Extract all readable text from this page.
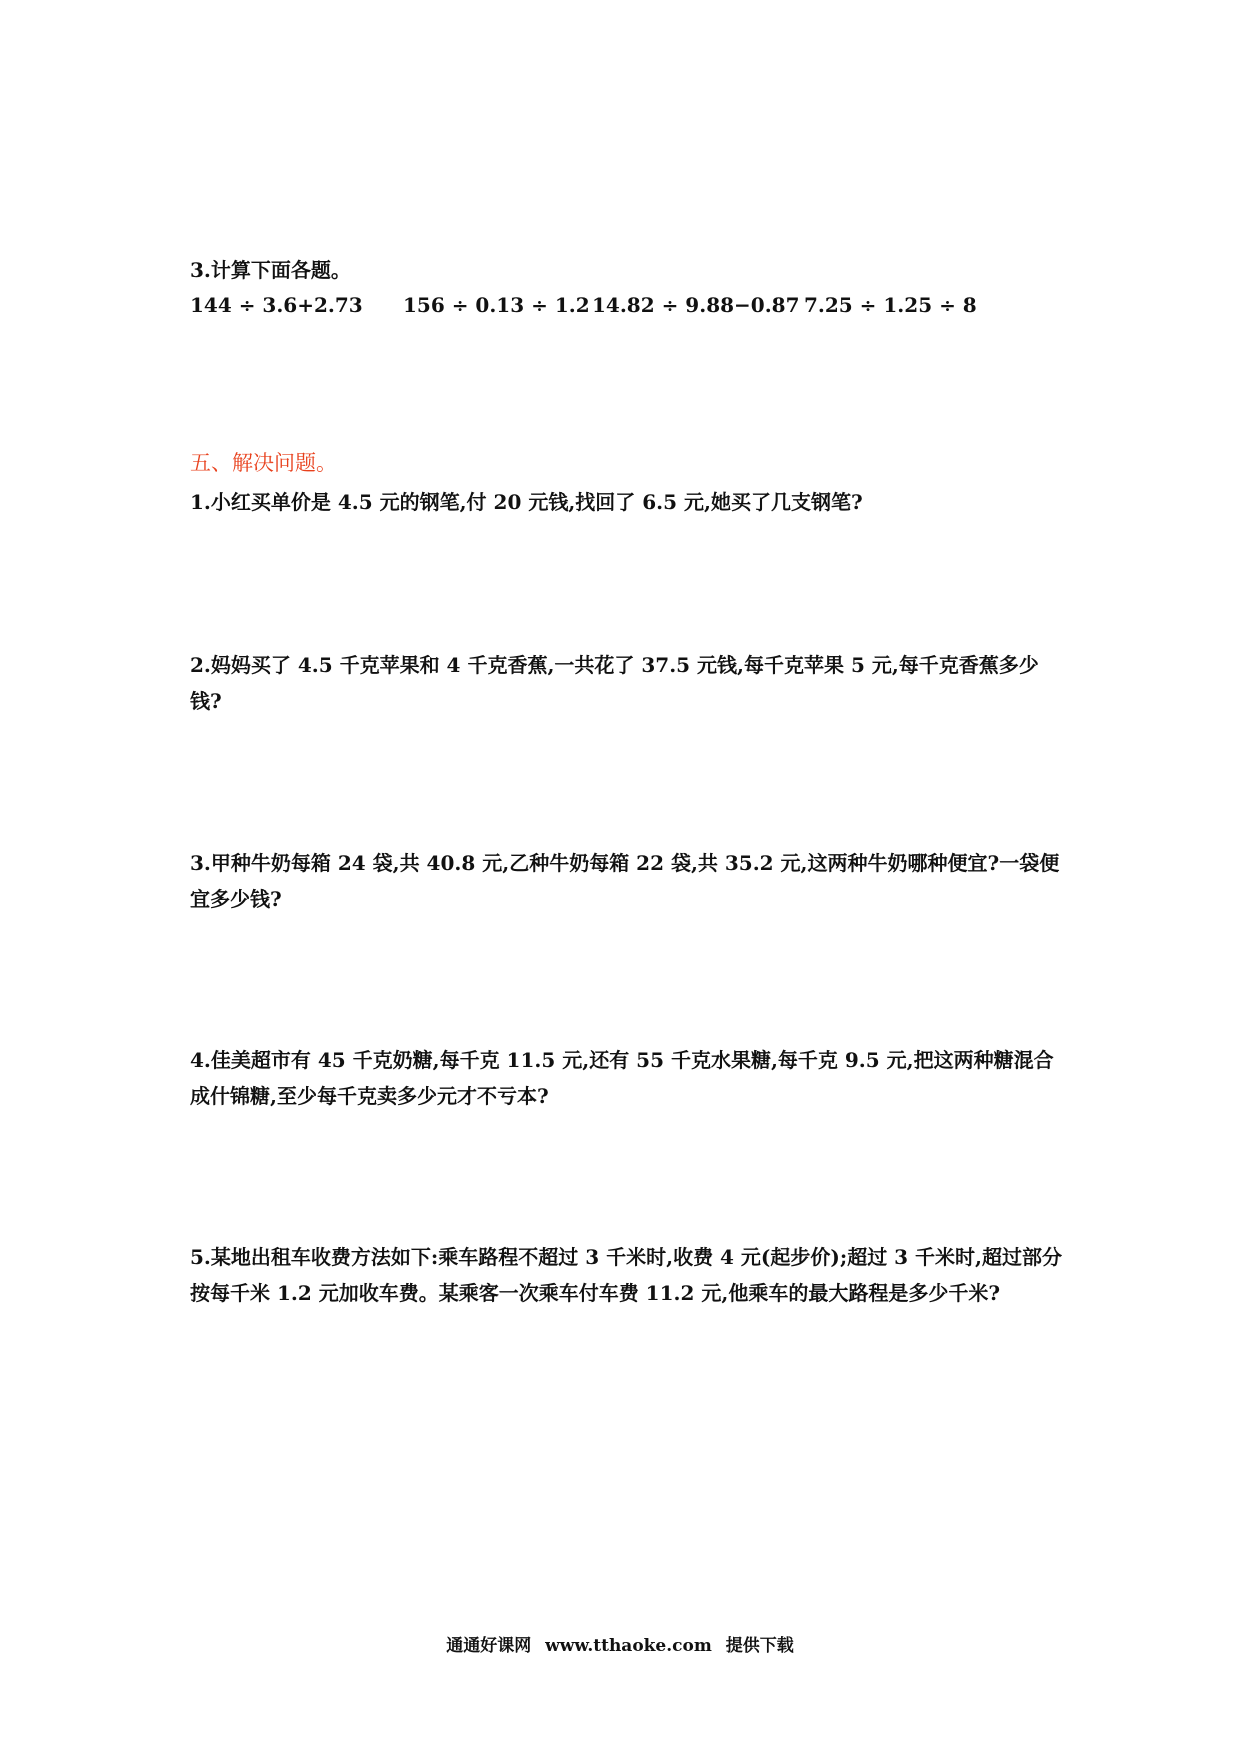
3.计算下面各题。

144 ÷ 3.6+2.73 156 ÷ 0.13 ÷ 1.2 14.82 ÷ 9.88−0.87 7.25 ÷ 1.25 ÷ 8
五、解决问题。

1.小红买单价是 4.5 元的钢笔,付 20 元钱,找回了 6.5 元,她买了几支钢笔?

2.妈妈买了 4.5 千克苹果和 4 千克香蕉,一共花了 37.5 元钱,每千克苹果 5 元,每千克香蕉多少钱?

3.甲种牛奶每箱 24 袋,共 40.8 元,乙种牛奶每箱 22 袋,共 35.2 元,这两种牛奶哪种便宜?一袋便宜多少钱?

4.佳美超市有 45 千克奶糖,每千克 11.5 元,还有 55 千克水果糖,每千克 9.5 元,把这两种糖混合成什锦糖,至少每千克卖多少元才不亏本?

5.某地出租车收费方法如下:乘车路程不超过 3 千米时,收费 4 元(起步价);超过 3 千米时,超过部分按每千米 1.2 元加收车费。某乘客一次乘车付车费 11.2 元,他乘车的最大路程是多少千米?

通通好课网 www.tthaoke.com 提供下载
